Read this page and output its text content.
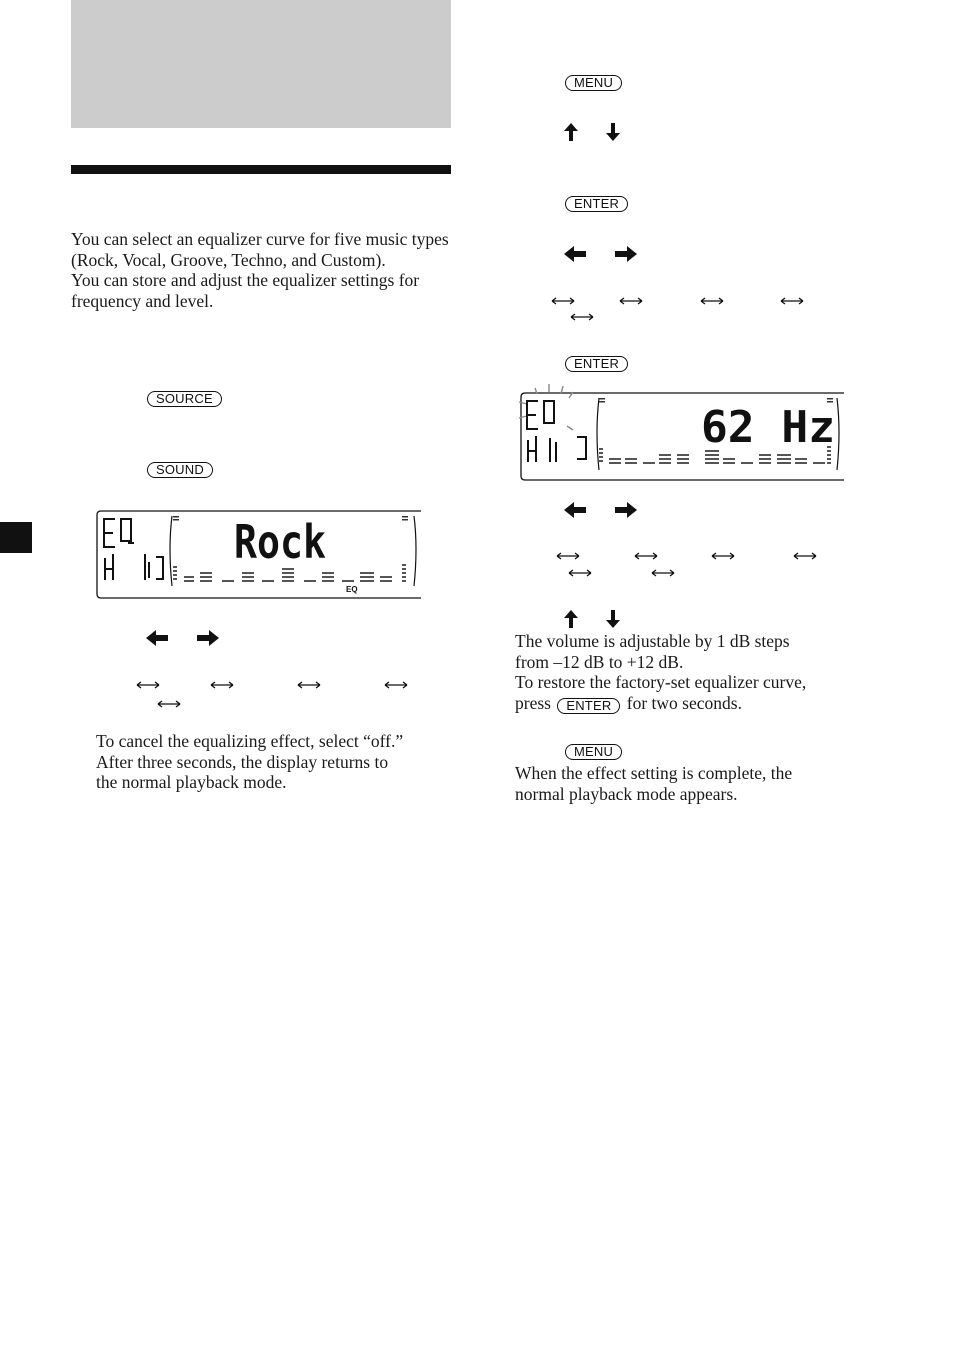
You can select an equalizer curve for five music types (Rock, Vocal, Groove, Techno, and Custom).

You can store and adjust the equalizer settings for frequency and level.

SOURCE
SOUND
EQ
Rock

To cancel the equalizing effect, select “off.”

After three seconds, the display returns to

the normal playback mode.

MENU
ENTER
ENTER
62 Hz

The volume is adjustable by 1 dB steps

from –12 dB to +12 dB.

To restore the factory-set equalizer curve,

press ENTER for two seconds.

MENU

When the effect setting is complete, the

normal playback mode appears.
